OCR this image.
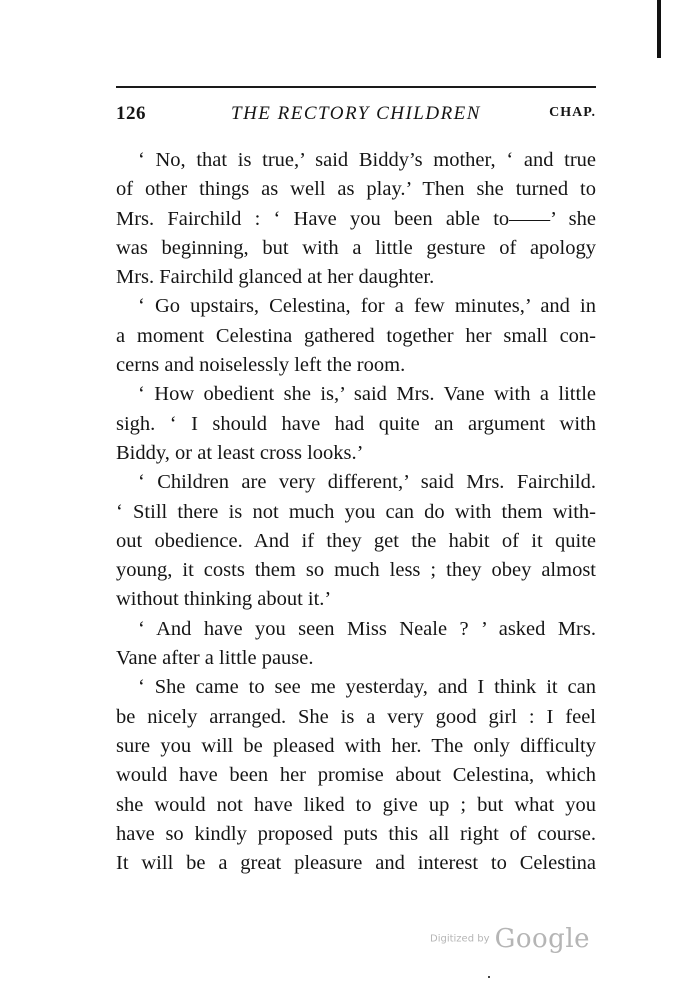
126	THE RECTORY CHILDREN	CHAP.
‘ No, that is true,’ said Biddy’s mother, ‘ and true
of other things as well as play.’ Then she turned to
Mrs. Fairchild : ‘ Have you been able to——’ she
was beginning, but with a little gesture of apology
Mrs. Fairchild glanced at her daughter.
‘ Go upstairs, Celestina, for a few minutes,’ and in
a moment Celestina gathered together her small con-
cerns and noiselessly left the room.
‘ How obedient she is,’ said Mrs. Vane with a little
sigh. ‘ I should have had quite an argument with
Biddy, or at least cross looks.’
‘ Children are very different,’ said Mrs. Fairchild.
‘ Still there is not much you can do with them with-
out obedience. And if they get the habit of it quite
young, it costs them so much less ; they obey almost
without thinking about it.’
‘ And have you seen Miss Neale ? ’ asked Mrs.
Vane after a little pause.
‘ She came to see me yesterday, and I think it can
be nicely arranged. She is a very good girl : I feel
sure you will be pleased with her. The only difficulty
would have been her promise about Celestina, which
she would not have liked to give up ; but what you
have so kindly proposed puts this all right of course.
It will be a great pleasure and interest to Celestina
Digitized by Google
